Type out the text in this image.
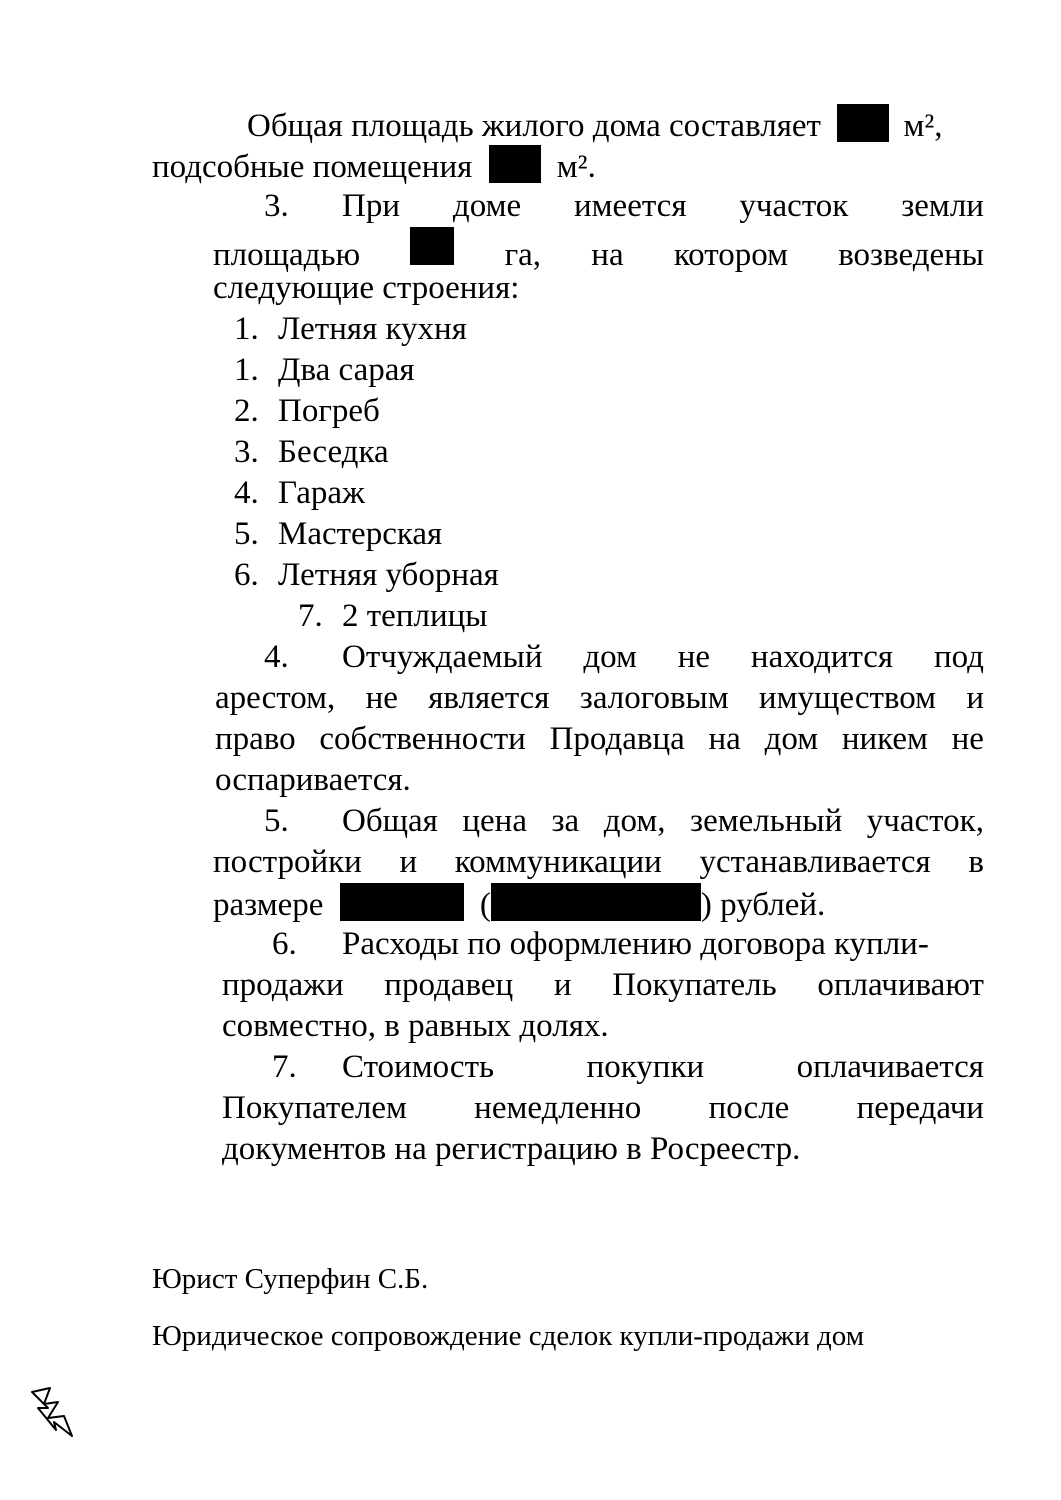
Общая площадь жилого дома составляет	м²,
подсобные помещения	м².
3. При доме имеется участок земли
площадью	га, на котором возведены
следующие строения:
1. Летняя кухня
1. Два сарая
2. Погреб
3. Беседка
4. Гараж
5. Мастерская
6. Летняя уборная
7. 2 теплицы
4. Отчуждаемый дом не находится под
арестом, не является залоговым имуществом и
право собственности Продавца на дом никем не
оспаривается.
5. Общая цена за дом, земельный участок,
постройки и коммуникации устанавливается в
размере	(	) рублей.
6. Расходы по оформлению договора купли-
продажи продавец и Покупатель оплачивают
совместно, в равных долях.
7. Стоимость	покупки	оплачивается
Покупателем немедленно после передачи
документов на регистрацию в Росреестр.
Юрист Суперфин С.Б.
Юридическое сопровождение сделок купли-продажи дом
